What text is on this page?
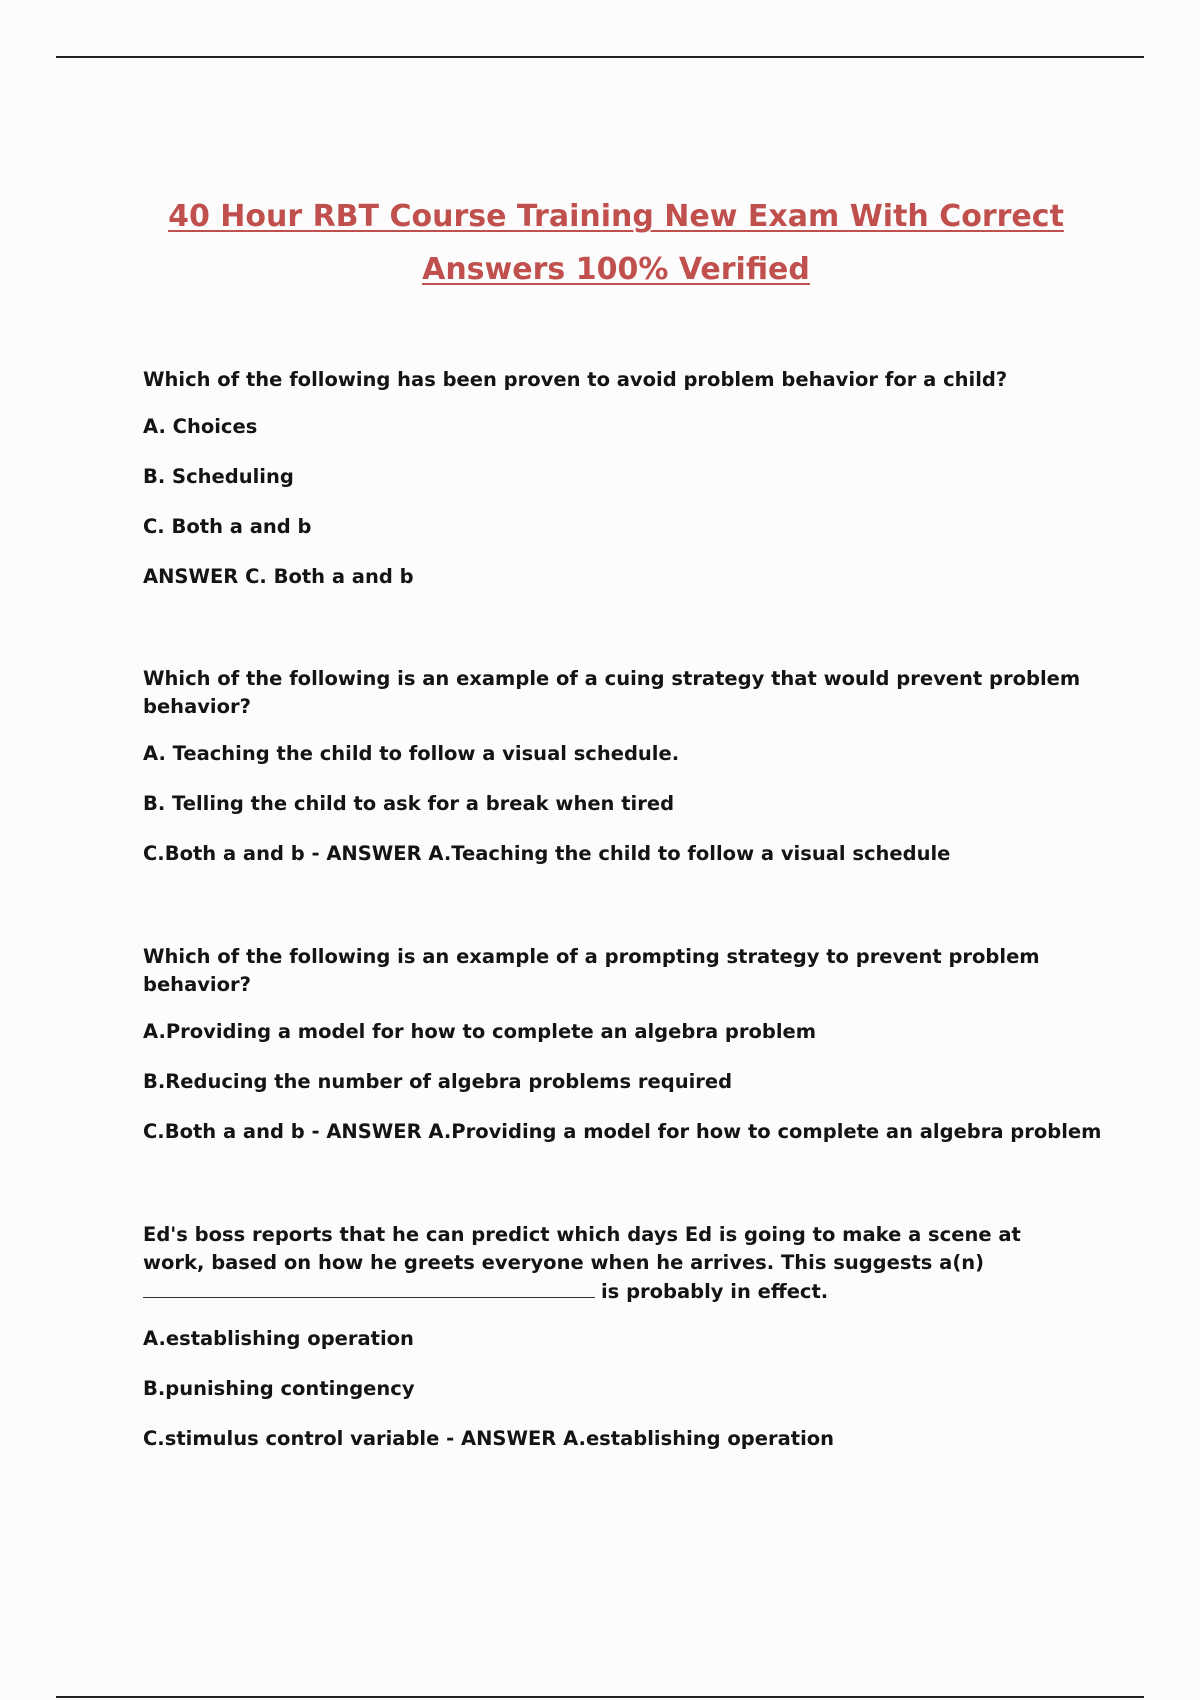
40 Hour RBT Course Training New Exam With Correct
Answers 100% Verified

Which of the following has been proven to avoid problem behavior for a child?

A. Choices

B. Scheduling

C. Both a and b

ANSWER C. Both a and b

Which of the following is an example of a cuing strategy that would prevent problem behavior?

A. Teaching the child to follow a visual schedule.

B. Telling the child to ask for a break when tired

C.Both a and b - ANSWER A.Teaching the child to follow a visual schedule

Which of the following is an example of a prompting strategy to prevent problem behavior?

A.Providing a model for how to complete an algebra problem

B.Reducing the number of algebra problems required

C.Both a and b - ANSWER A.Providing a model for how to complete an algebra problem

Ed's boss reports that he can predict which days Ed is going to make a scene at work, based on how he greets everyone when he arrives. This suggests a(n)

is probably in effect.

A.establishing operation

B.punishing contingency

C.stimulus control variable - ANSWER A.establishing operation
